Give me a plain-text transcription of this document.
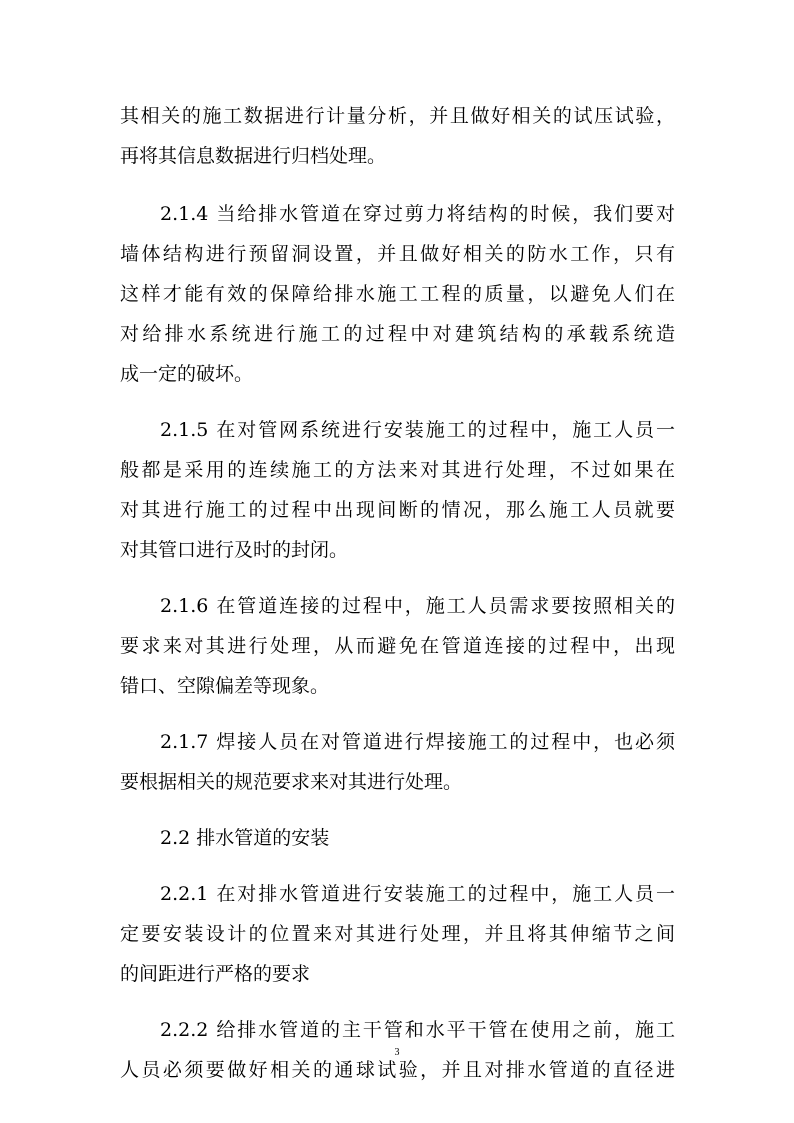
其相关的施工数据进行计量分析，并且做好相关的试压试验，
再将其信息数据进行归档处理。
2.1.4 当给排水管道在穿过剪力将结构的时候，我们要对
墙体结构进行预留洞设置，并且做好相关的防水工作，只有
这样才能有效的保障给排水施工工程的质量，以避免人们在
对给排水系统进行施工的过程中对建筑结构的承载系统造
成一定的破坏。
2.1.5 在对管网系统进行安装施工的过程中，施工人员一
般都是采用的连续施工的方法来对其进行处理，不过如果在
对其进行施工的过程中出现间断的情况，那么施工人员就要
对其管口进行及时的封闭。
2.1.6 在管道连接的过程中，施工人员需求要按照相关的
要求来对其进行处理，从而避免在管道连接的过程中，出现
错口、空隙偏差等现象。
2.1.7 焊接人员在对管道进行焊接施工的过程中，也必须
要根据相关的规范要求来对其进行处理。
2.2 排水管道的安装
2.2.1 在对排水管道进行安装施工的过程中，施工人员一
定要安装设计的位置来对其进行处理，并且将其伸缩节之间
的间距进行严格的要求
2.2.2 给排水管道的主干管和水平干管在使用之前，施工
人员必须要做好相关的通球试验，并且对排水管道的直径进
3
